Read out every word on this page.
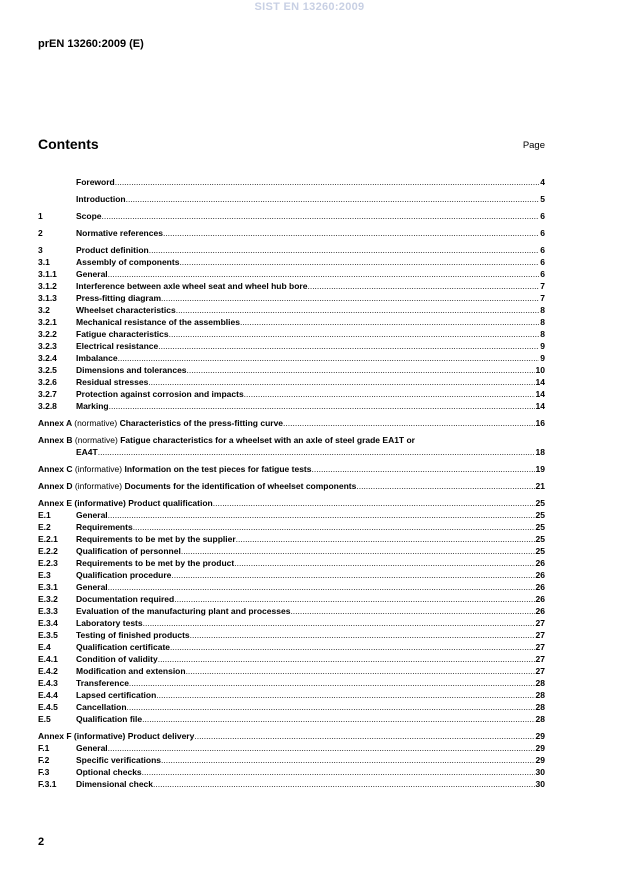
SIST EN 13260:2009
prEN 13260:2009 (E)
Contents	Page
Foreword .....	4
Introduction .....	5
1	Scope .....	6
2	Normative references .....	6
3	Product definition .....	6
3.1	Assembly of components .....	6
3.1.1	General .....	6
3.1.2	Interference between axle wheel seat and wheel hub bore .....	7
3.1.3	Press-fitting diagram .....	7
3.2	Wheelset characteristics .....	8
3.2.1	Mechanical resistance of the assemblies .....	8
3.2.2	Fatigue characteristics .....	8
3.2.3	Electrical resistance .....	9
3.2.4	Imbalance .....	9
3.2.5	Dimensions and tolerances .....	10
3.2.6	Residual stresses .....	14
3.2.7	Protection against corrosion and impacts .....	14
3.2.8	Marking .....	14
Annex A (normative) Characteristics of the press-fitting curve .....	16
Annex B (normative) Fatigue characteristics for a wheelset with an axle of steel grade EA1T or
EA4T .....	18
Annex C (informative) Information on the test pieces for fatigue tests .....	19
Annex D (informative) Documents for the identification of wheelset components .....	21
Annex E (informative) Product qualification .....	25
E.1	General .....	25
E.2	Requirements .....	25
E.2.1	Requirements to be met by the supplier .....	25
E.2.2	Qualification of personnel .....	25
E.2.3	Requirements to be met by the product .....	26
E.3	Qualification procedure .....	26
E.3.1	General .....	26
E.3.2	Documentation required .....	26
E.3.3	Evaluation of the manufacturing plant and processes .....	26
E.3.4	Laboratory tests .....	27
E.3.5	Testing of finished products .....	27
E.4	Qualification certificate .....	27
E.4.1	Condition of validity .....	27
E.4.2	Modification and extension .....	27
E.4.3	Transference .....	28
E.4.4	Lapsed certification .....	28
E.4.5	Cancellation .....	28
E.5	Qualification file .....	28
Annex F (informative) Product delivery .....	29
F.1	General .....	29
F.2	Specific verifications .....	29
F.3	Optional checks .....	30
F.3.1	Dimensional check .....	30
2
